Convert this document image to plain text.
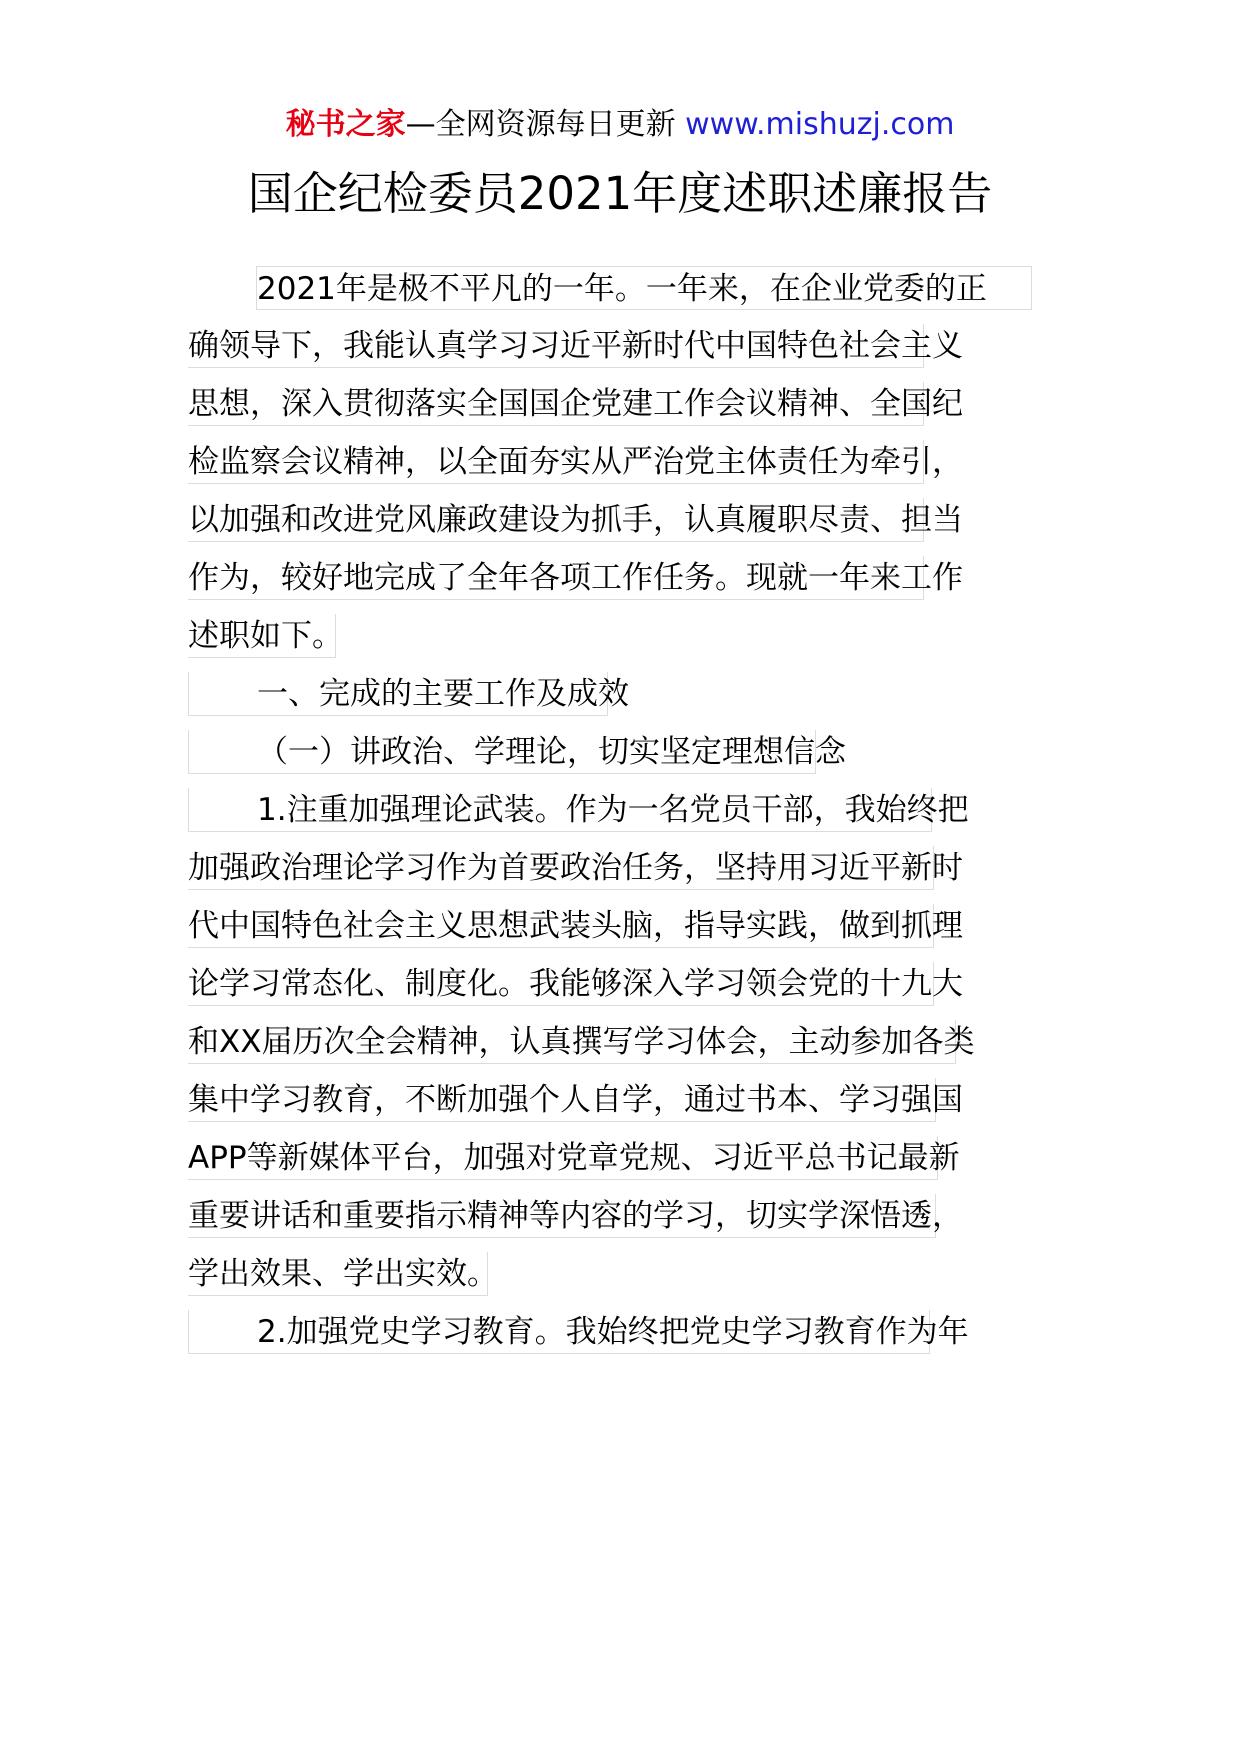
秘书之家—全网资源每日更新 www.mishuzj.com
国企纪检委员2021年度述职述廉报告
2021年是极不平凡的一年。一年来，在企业党委的正
确领导下，我能认真学习习近平新时代中国特色社会主义
思想，深入贯彻落实全国国企党建工作会议精神、全国纪
检监察会议精神，以全面夯实从严治党主体责任为牵引，
以加强和改进党风廉政建设为抓手，认真履职尽责、担当
作为，较好地完成了全年各项工作任务。现就一年来工作
述职如下。
一、完成的主要工作及成效
（一）讲政治、学理论，切实坚定理想信念
1.注重加强理论武装。作为一名党员干部，我始终把
加强政治理论学习作为首要政治任务，坚持用习近平新时
代中国特色社会主义思想武装头脑，指导实践，做到抓理
论学习常态化、制度化。我能够深入学习领会党的十九大
和XX届历次全会精神，认真撰写学习体会，主动参加各类
集中学习教育，不断加强个人自学，通过书本、学习强国
APP等新媒体平台，加强对党章党规、习近平总书记最新
重要讲话和重要指示精神等内容的学习，切实学深悟透，
学出效果、学出实效。
2.加强党史学习教育。我始终把党史学习教育作为年
